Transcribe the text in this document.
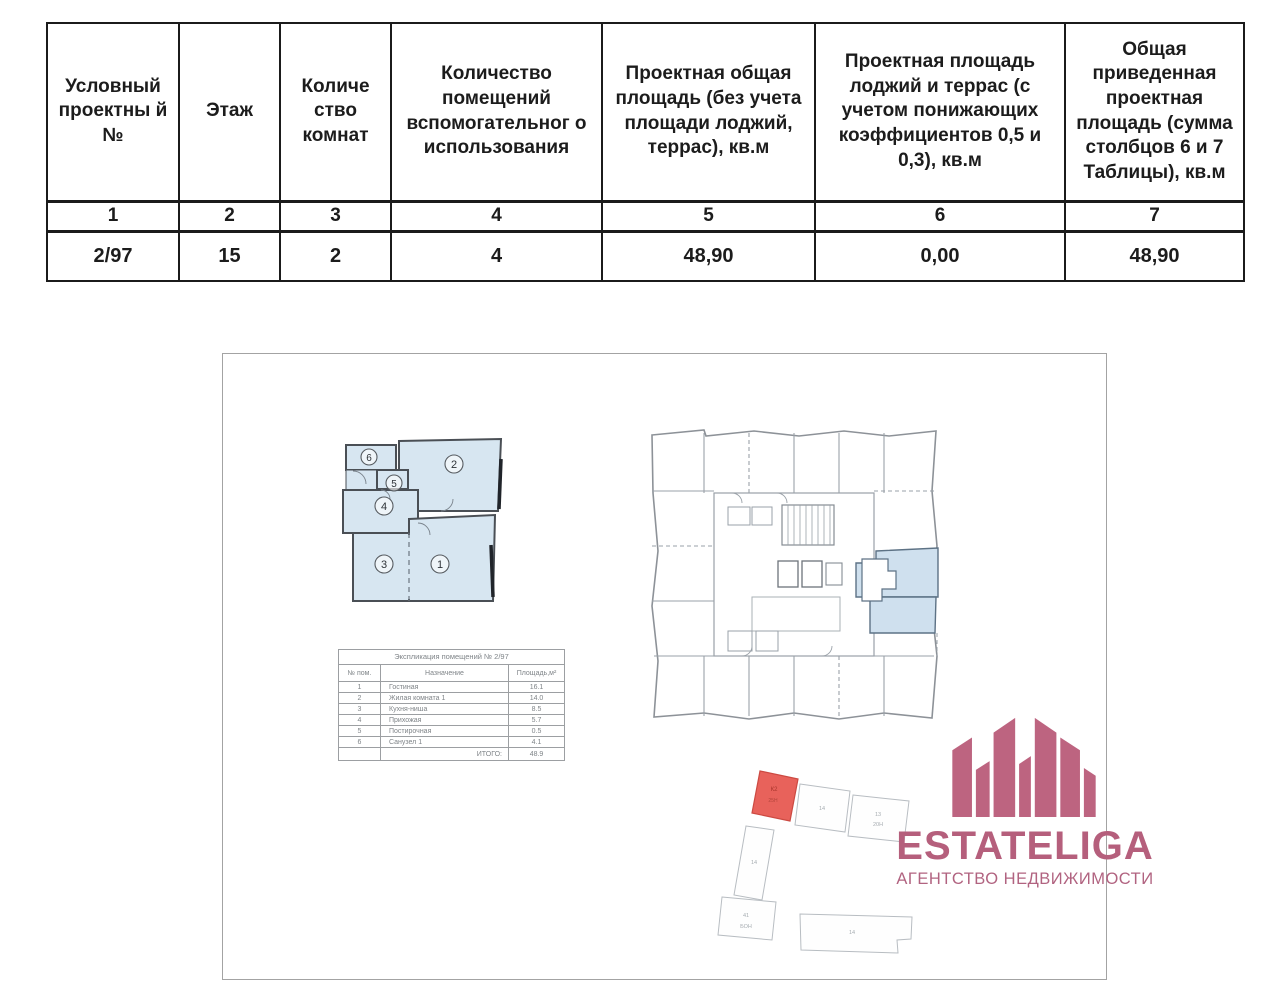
Условный проектны й №	Этаж	Количе ство комнат	Количество помещений вспомогательног о использования	Проектная общая площадь (без учета площади лоджий, террас), кв.м	Проектная площадь лоджий и террас (с учетом понижающих коэффициентов 0,5 и 0,3), кв.м	Общая приведенная проектная площадь (сумма столбцов 6 и 7 Таблицы), кв.м
1	2	3	4	5	6	7
2/97	15	2	4	48,90	0,00	48,90
1
2
3
4
5
6
Экспликация помещений № 2/97		
№ пом.	Назначение	Площадь,м²
1	Гостиная	16.1
2	Жилая комната 1	14.0
3	Кухня-ниша	8.5
4	Прихожая	5.7
5	Постирочная	0.5
6	Санузел 1	4.1
	ИТОГО:	48.9
К2
25Н
14
13
20Н
14
41
БОН
14
ESTATELIGA
АГЕНТСТВО НЕДВИЖИМОСТИ
